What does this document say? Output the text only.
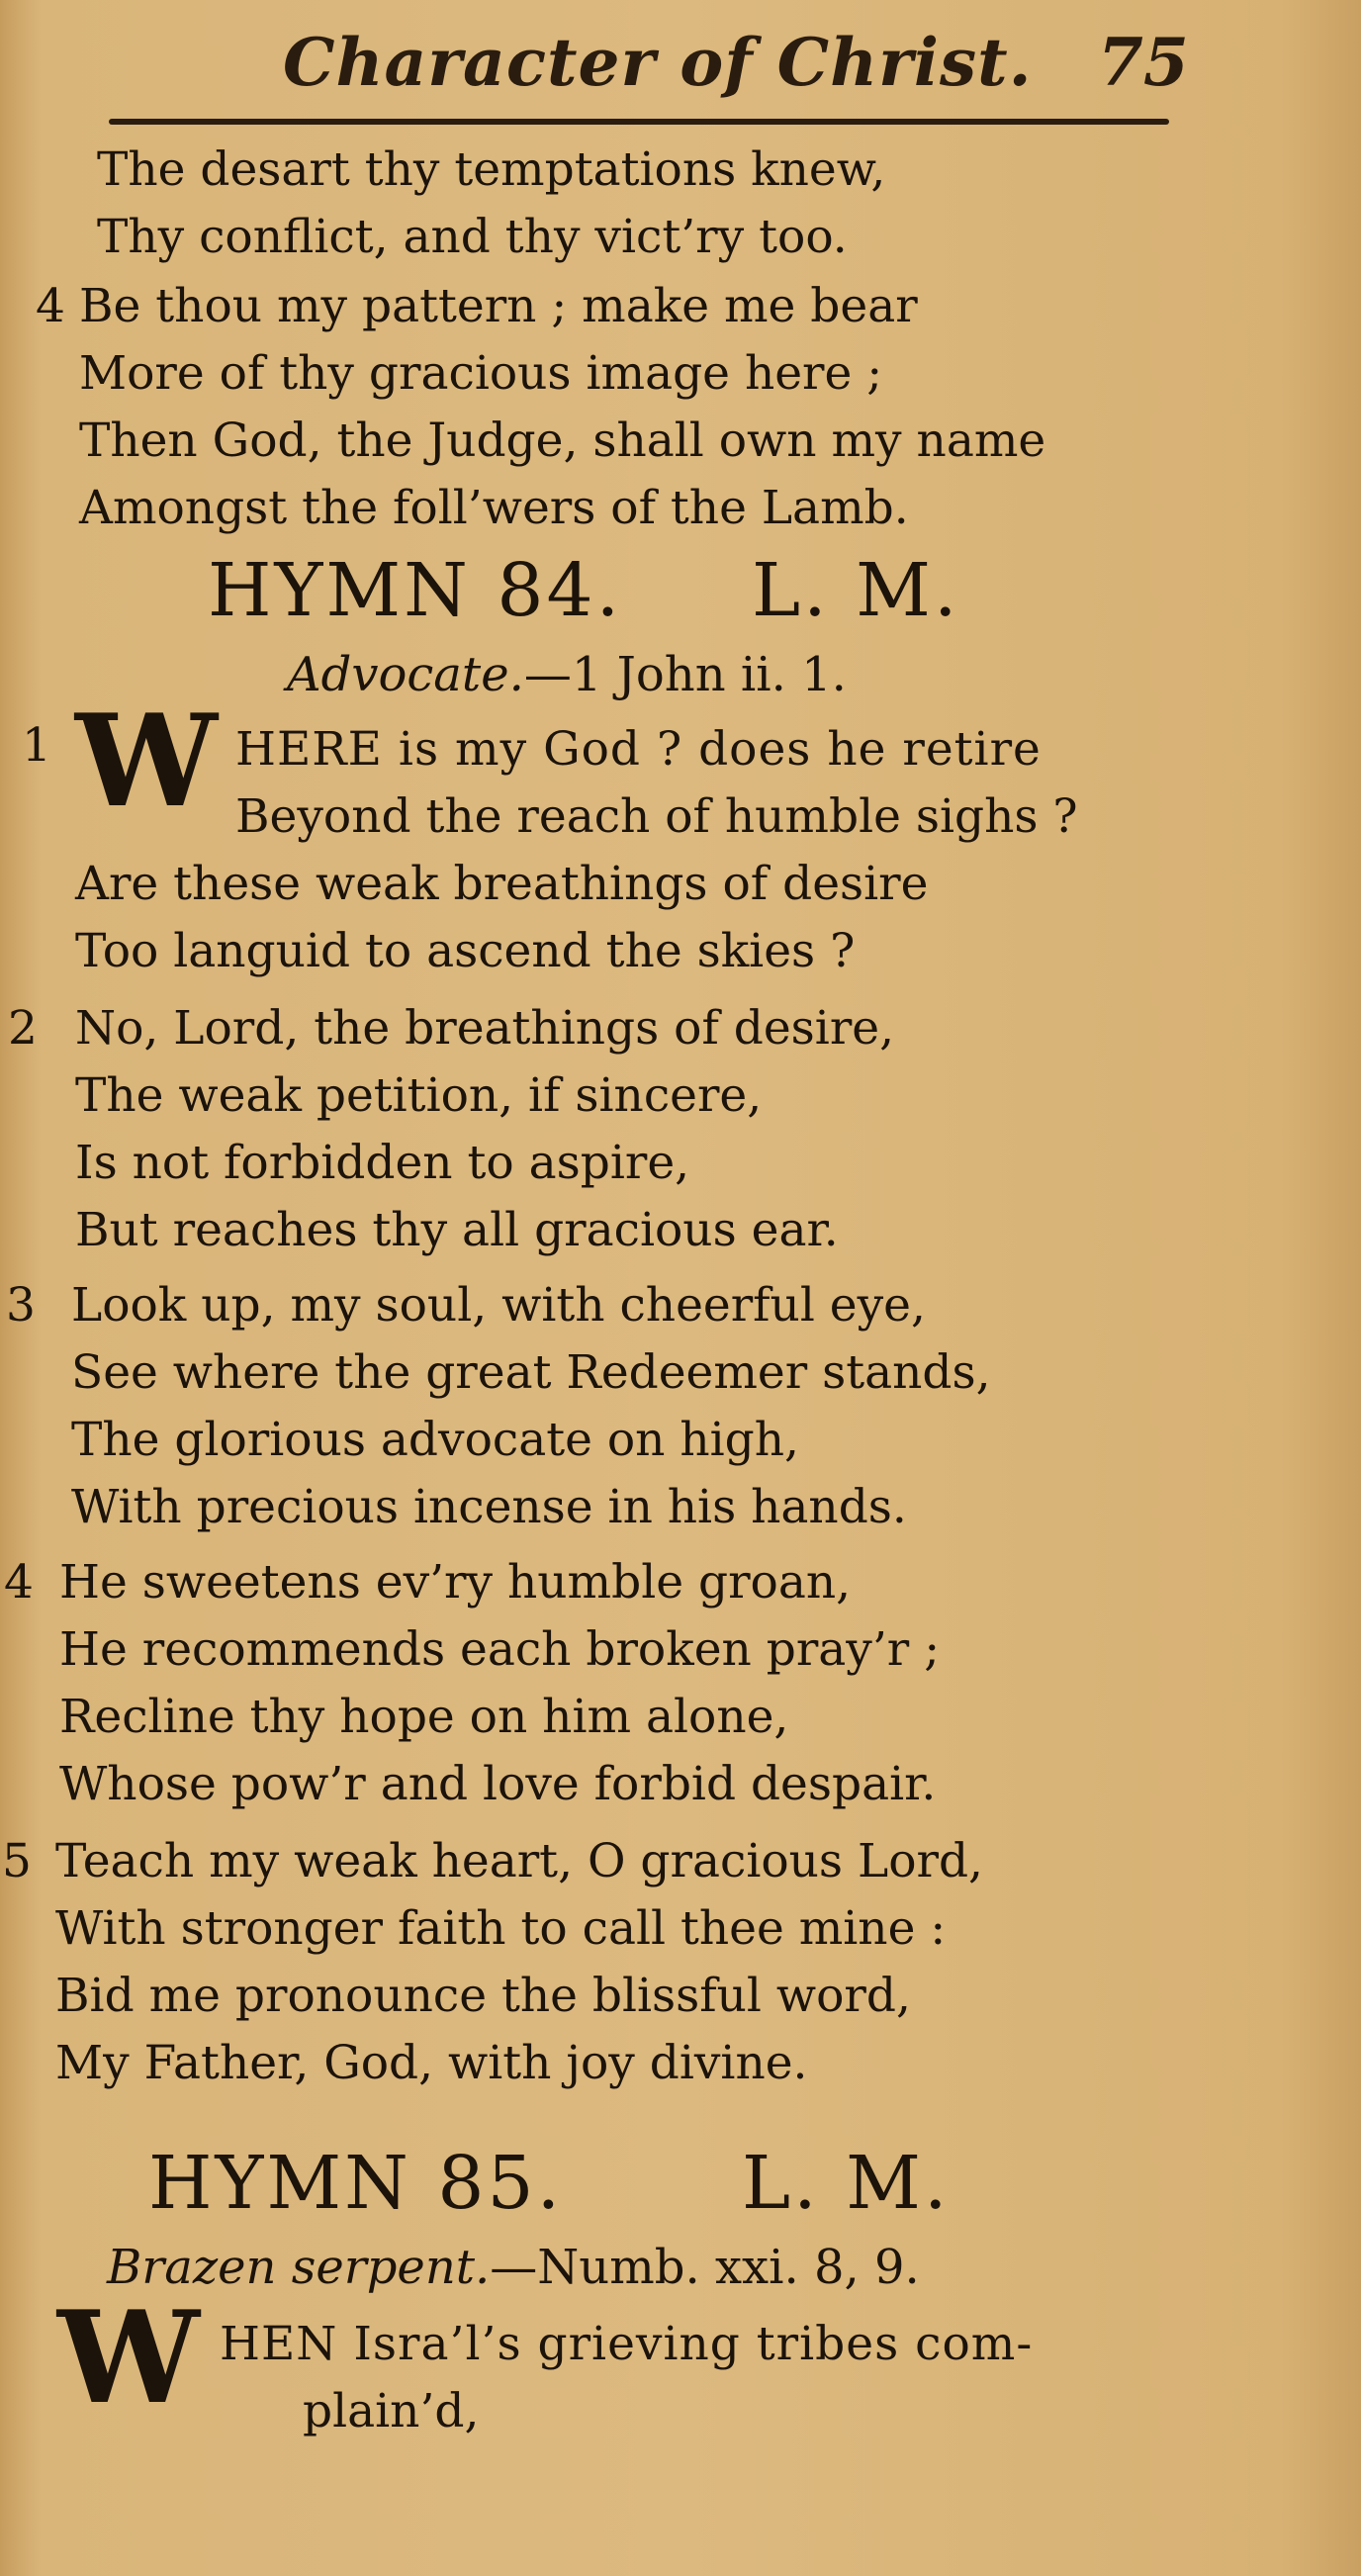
Character of Christ. 75
The desart thy temptations knew,
Thy conflict, and thy vict’ry too.
4 Be thou my pattern ; make me bear
More of thy gracious image here ;
Then God, the Judge, shall own my name
Amongst the foll’wers of the Lamb.
HYMN 84. L. M.
Advocate.—1 John ii. 1.
1 W HERE is my God ? does he retire
Beyond the reach of humble sighs ?
Are these weak breathings of desire
Too languid to ascend the skies ?
2 No, Lord, the breathings of desire,
The weak petition, if sincere,
Is not forbidden to aspire,
But reaches thy all gracious ear.
3 Look up, my soul, with cheerful eye,
See where the great Redeemer stands,
The glorious advocate on high,
With precious incense in his hands.
4 He sweetens ev’ry humble groan,
He recommends each broken pray’r ;
Recline thy hope on him alone,
Whose pow’r and love forbid despair.
5 Teach my weak heart, O gracious Lord,
With stronger faith to call thee mine :
Bid me pronounce the blissful word,
My Father, God, with joy divine.
HYMN 85. L. M.
Brazen serpent.—Numb. xxi. 8, 9.
W HEN Isra’l’s grieving tribes com-
plain’d,
